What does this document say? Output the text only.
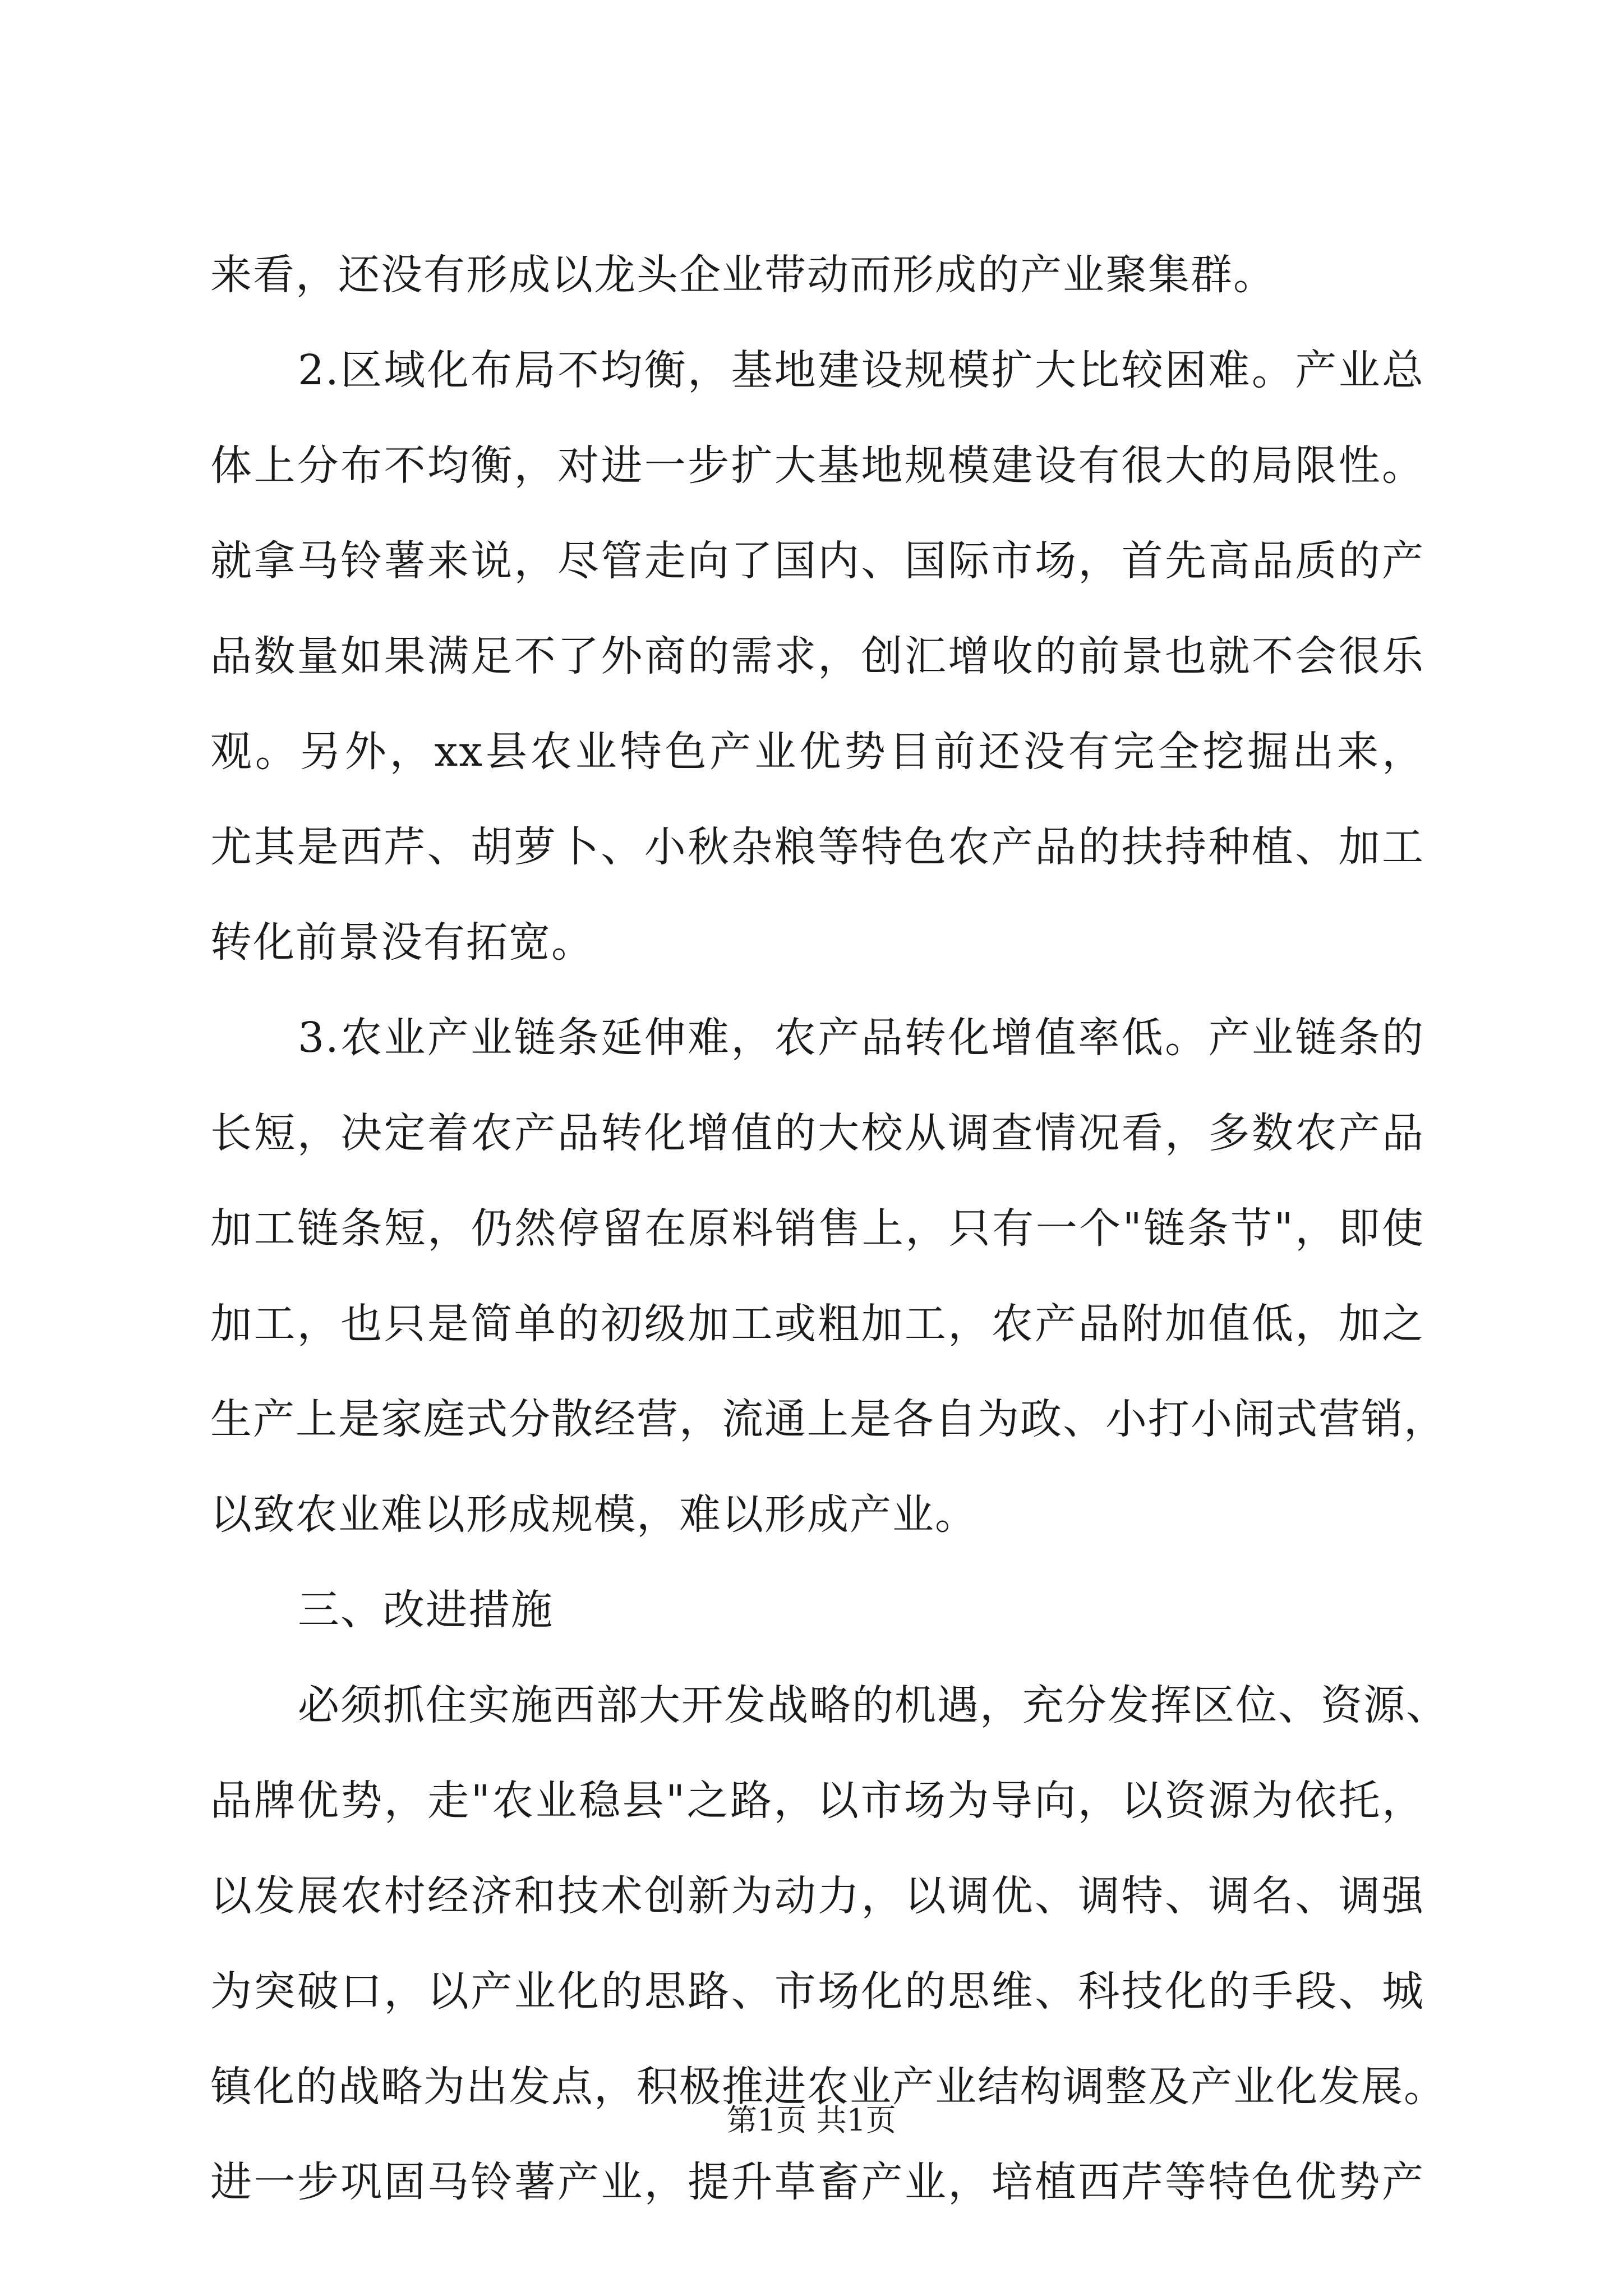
来看，还没有形成以龙头企业带动而形成的产业聚集群。
2.区域化布局不均衡，基地建设规模扩大比较困难。产业总
体上分布不均衡，对进一步扩大基地规模建设有很大的局限性。
就拿马铃薯来说，尽管走向了国内、国际市场，首先高品质的产
品数量如果满足不了外商的需求，创汇增收的前景也就不会很乐
观。另外，xx县农业特色产业优势目前还没有完全挖掘出来，
尤其是西芹、胡萝卜、小秋杂粮等特色农产品的扶持种植、加工
转化前景没有拓宽。
3.农业产业链条延伸难，农产品转化增值率低。产业链条的
长短，决定着农产品转化增值的大校从调查情况看，多数农产品
加工链条短，仍然停留在原料销售上，只有一个"链条节"，即使
加工，也只是简单的初级加工或粗加工，农产品附加值低，加之
生产上是家庭式分散经营，流通上是各自为政、小打小闹式营销，
以致农业难以形成规模，难以形成产业。
三、改进措施
必须抓住实施西部大开发战略的机遇，充分发挥区位、资源、
品牌优势，走"农业稳县"之路，以市场为导向，以资源为依托，
以发展农村经济和技术创新为动力，以调优、调特、调名、调强
为突破口，以产业化的思路、市场化的思维、科技化的手段、城
镇化的战略为出发点，积极推进农业产业结构调整及产业化发展。
进一步巩固马铃薯产业，提升草畜产业，培植西芹等特色优势产
第1页 共1页
